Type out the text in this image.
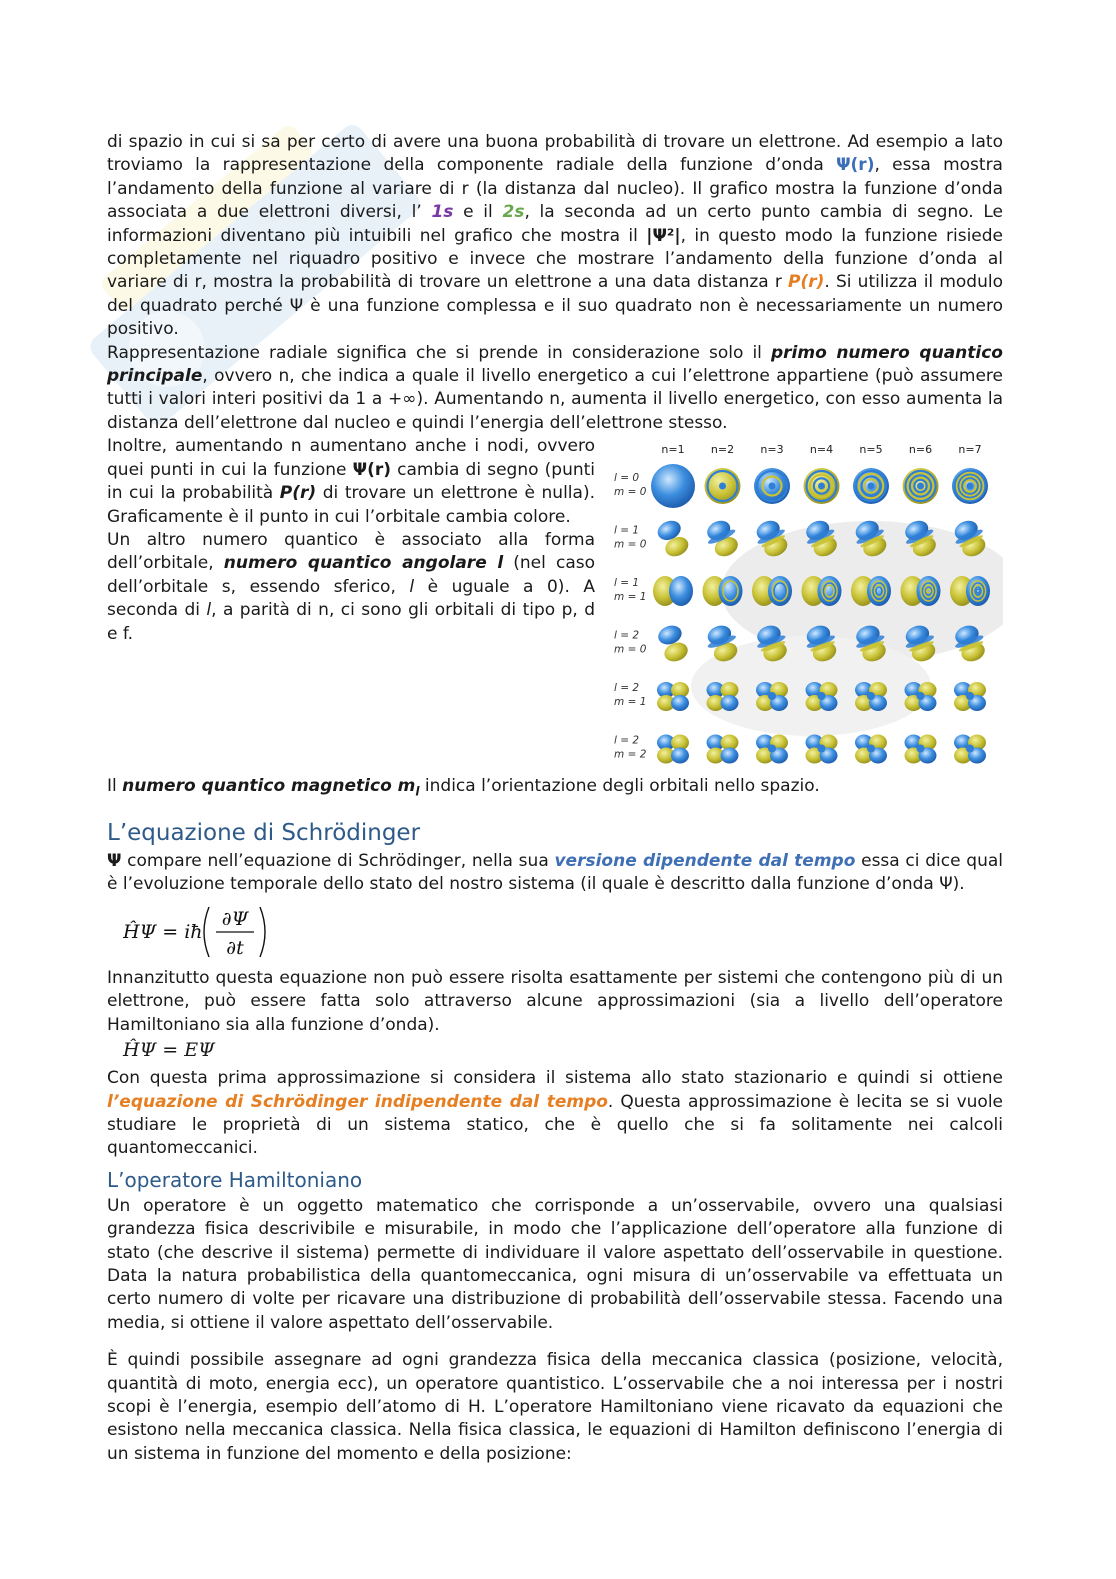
di spazio in cui si sa per certo di avere una buona probabilità di trovare un elettrone. Ad esempio a lato troviamo la rappresentazione della componente radiale della funzione d’onda Ψ(r), essa mostra l’andamento della funzione al variare di r (la distanza dal nucleo). Il grafico mostra la funzione d’onda associata a due elettroni diversi, l’ 1s e il 2s, la seconda ad un certo punto cambia di segno. Le informazioni diventano più intuibili nel grafico che mostra il |Ψ²|, in questo modo la funzione risiede completamente nel riquadro positivo e invece che mostrare l’andamento della funzione d’onda al variare di r, mostra la probabilità di trovare un elettrone a una data distanza r P(r). Si utilizza il modulo del quadrato perché Ψ è una funzione complessa e il suo quadrato non è necessariamente un numero positivo.

Rappresentazione radiale significa che si prende in considerazione solo il primo numero quantico principale, ovvero n, che indica a quale il livello energetico a cui l’elettrone appartiene (può assumere tutti i valori interi positivi da 1 a +∞). Aumentando n, aumenta il livello energetico, con esso aumenta la distanza dell’elettrone dal nucleo e quindi l’energia dell’elettrone stesso.

n=1 n=2 n=3 n=4 n=5 n=6 n=7
l = 0
m = 0
l = 1
m = 0
l = 1
m = 1
l = 2
m = 0
l = 2
m = 1
l = 2
m = 2

Inoltre, aumentando n aumentano anche i nodi, ovvero quei punti in cui la funzione Ψ(r) cambia di segno (punti in cui la probabilità P(r) di trovare un elettrone è nulla). Graficamente è il punto in cui l’orbitale cambia colore.

Un altro numero quantico è associato alla forma dell’orbitale, numero quantico angolare l (nel caso dell’orbitale s, essendo sferico, l è uguale a 0). A seconda di l, a parità di n, ci sono gli orbitali di tipo p, d e f.

Il numero quantico magnetico $m_l$ indica l’orientazione degli orbitali nello spazio.

L’equazione di Schrödinger

Ψ compare nell’equazione di Schrödinger, nella sua versione dipendente dal tempo essa ci dice qual è l’evoluzione temporale dello stato del nostro sistema (il quale è descritto dalla funzione d’onda Ψ).

ĤΨ = iħ
∂Ψ
∂t

Innanzitutto questa equazione non può essere risolta esattamente per sistemi che contengono più di un elettrone, può essere fatta solo attraverso alcune approssimazioni (sia a livello dell’operatore Hamiltoniano sia alla funzione d’onda).

ĤΨ = EΨ

Con questa prima approssimazione si considera il sistema allo stato stazionario e quindi si ottiene l’equazione di Schrödinger indipendente dal tempo. Questa approssimazione è lecita se si vuole studiare le proprietà di un sistema statico, che è quello che si fa solitamente nei calcoli quantomeccanici.

L’operatore Hamiltoniano

Un operatore è un oggetto matematico che corrisponde a un’osservabile, ovvero una qualsiasi grandezza fisica descrivibile e misurabile, in modo che l’applicazione dell’operatore alla funzione di stato (che descrive il sistema) permette di individuare il valore aspettato dell’osservabile in questione. Data la natura probabilistica della quantomeccanica, ogni misura di un’osservabile va effettuata un certo numero di volte per ricavare una distribuzione di probabilità dell’osservabile stessa. Facendo una media, si ottiene il valore aspettato dell’osservabile.

È quindi possibile assegnare ad ogni grandezza fisica della meccanica classica (posizione, velocità, quantità di moto, energia ecc), un operatore quantistico. L’osservabile che a noi interessa per i nostri scopi è l’energia, esempio dell’atomo di H. L’operatore Hamiltoniano viene ricavato da equazioni che esistono nella meccanica classica. Nella fisica classica, le equazioni di Hamilton definiscono l’energia di un sistema in funzione del momento e della posizione:
